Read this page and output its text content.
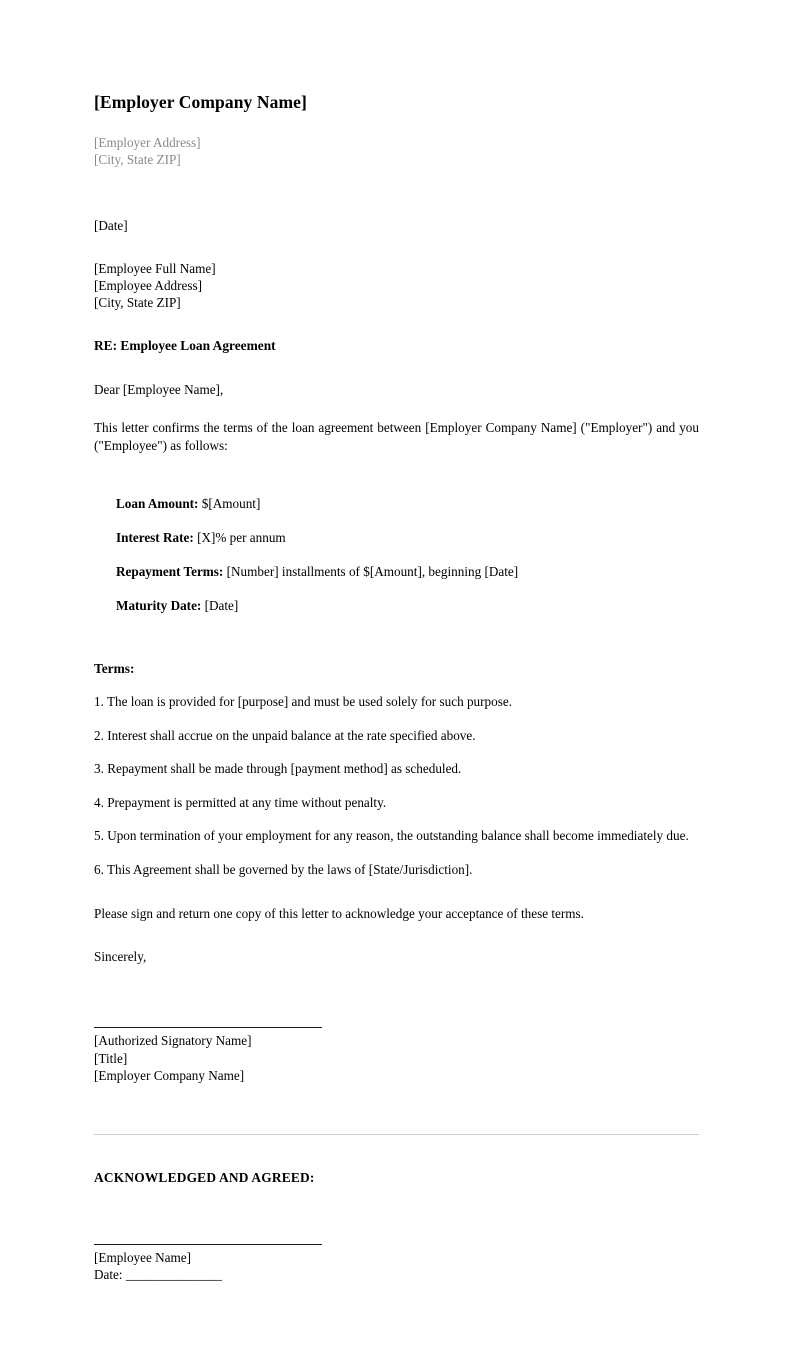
[Employer Company Name]
[Employer Address]
[City, State ZIP]
[Date]
[Employee Full Name]
[Employee Address]
[City, State ZIP]
RE: Employee Loan Agreement
Dear [Employee Name],

This letter confirms the terms of the loan agreement between [Employer Company Name] ("Employer") and you ("Employee") as follows:

Loan Amount: $[Amount]
Interest Rate: [X]% per annum
Repayment Terms: [Number] installments of $[Amount], beginning [Date]
Maturity Date: [Date]
Terms:

1. The loan is provided for [purpose] and must be used solely for such purpose.

2. Interest shall accrue on the unpaid balance at the rate specified above.

3. Repayment shall be made through [payment method] as scheduled.

4. Prepayment is permitted at any time without penalty.

5. Upon termination of your employment for any reason, the outstanding balance shall become immediately due.

6. This Agreement shall be governed by the laws of [State/Jurisdiction].

Please sign and return one copy of this letter to acknowledge your acceptance of these terms.
Sincerely,
[Authorized Signatory Name]
[Title]
[Employer Company Name]
ACKNOWLEDGED AND AGREED:
[Employee Name]
Date: _______________
